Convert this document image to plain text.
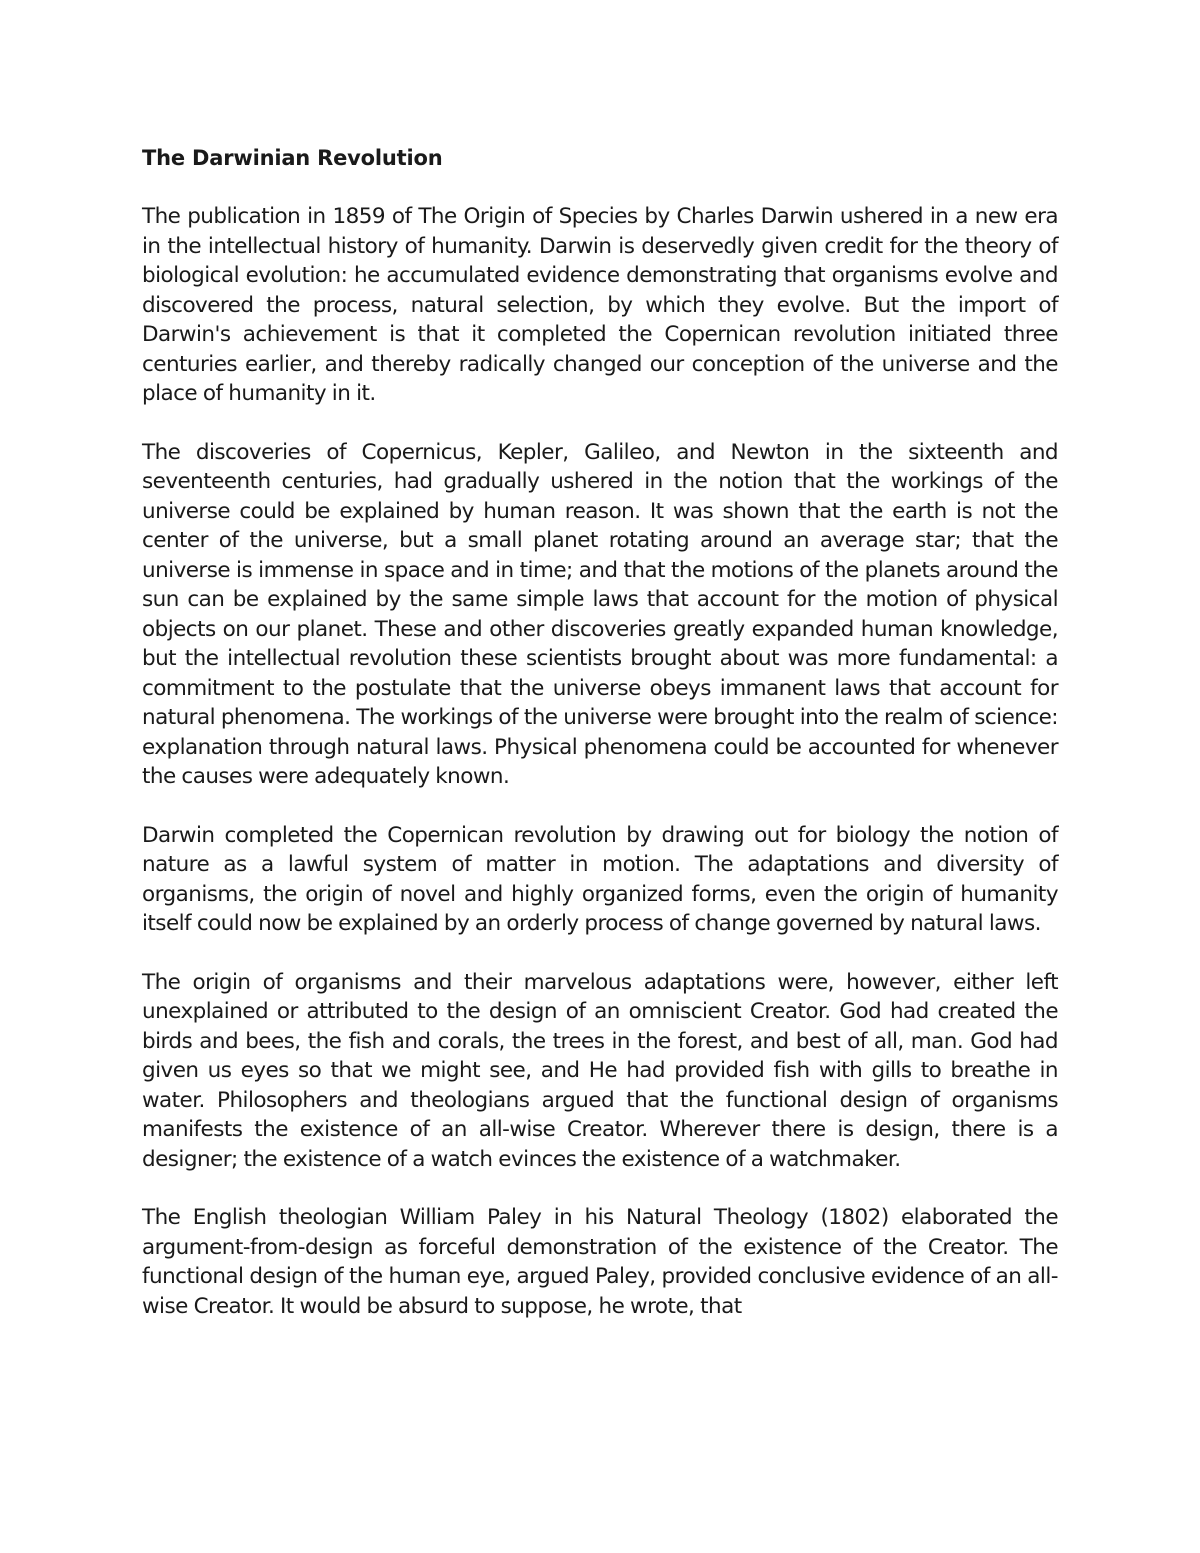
The Darwinian Revolution

The publication in 1859 of The Origin of Species by Charles Darwin ushered in a new era in the intellectual history of humanity. Darwin is deservedly given credit for the theory of biological evolution: he accumulated evidence demonstrating that organisms evolve and discovered the process, natural selection, by which they evolve. But the import of Darwin's achievement is that it completed the Copernican revolution initiated three centuries earlier, and thereby radically changed our conception of the universe and the place of humanity in it.

The discoveries of Copernicus, Kepler, Galileo, and Newton in the sixteenth and seventeenth centuries, had gradually ushered in the notion that the workings of the universe could be explained by human reason. It was shown that the earth is not the center of the universe, but a small planet rotating around an average star; that the universe is immense in space and in time; and that the motions of the planets around the sun can be explained by the same simple laws that account for the motion of physical objects on our planet. These and other discoveries greatly expanded human knowledge, but the intellectual revolution these scientists brought about was more fundamental: a commitment to the postulate that the universe obeys immanent laws that account for natural phenomena. The workings of the universe were brought into the realm of science: explanation through natural laws. Physical phenomena could be accounted for whenever the causes were adequately known.

Darwin completed the Copernican revolution by drawing out for biology the notion of nature as a lawful system of matter in motion. The adaptations and diversity of organisms, the origin of novel and highly organized forms, even the origin of humanity itself could now be explained by an orderly process of change governed by natural laws.

The origin of organisms and their marvelous adaptations were, however, either left unexplained or attributed to the design of an omniscient Creator. God had created the birds and bees, the fish and corals, the trees in the forest, and best of all, man. God had given us eyes so that we might see, and He had provided fish with gills to breathe in water. Philosophers and theologians argued that the functional design of organisms manifests the existence of an all-wise Creator. Wherever there is design, there is a designer; the existence of a watch evinces the existence of a watchmaker.

The English theologian William Paley in his Natural Theology (1802) elaborated the argument-from-design as forceful demonstration of the existence of the Creator. The functional design of the human eye, argued Paley, provided conclusive evidence of an all-wise Creator. It would be absurd to suppose, he wrote, that
